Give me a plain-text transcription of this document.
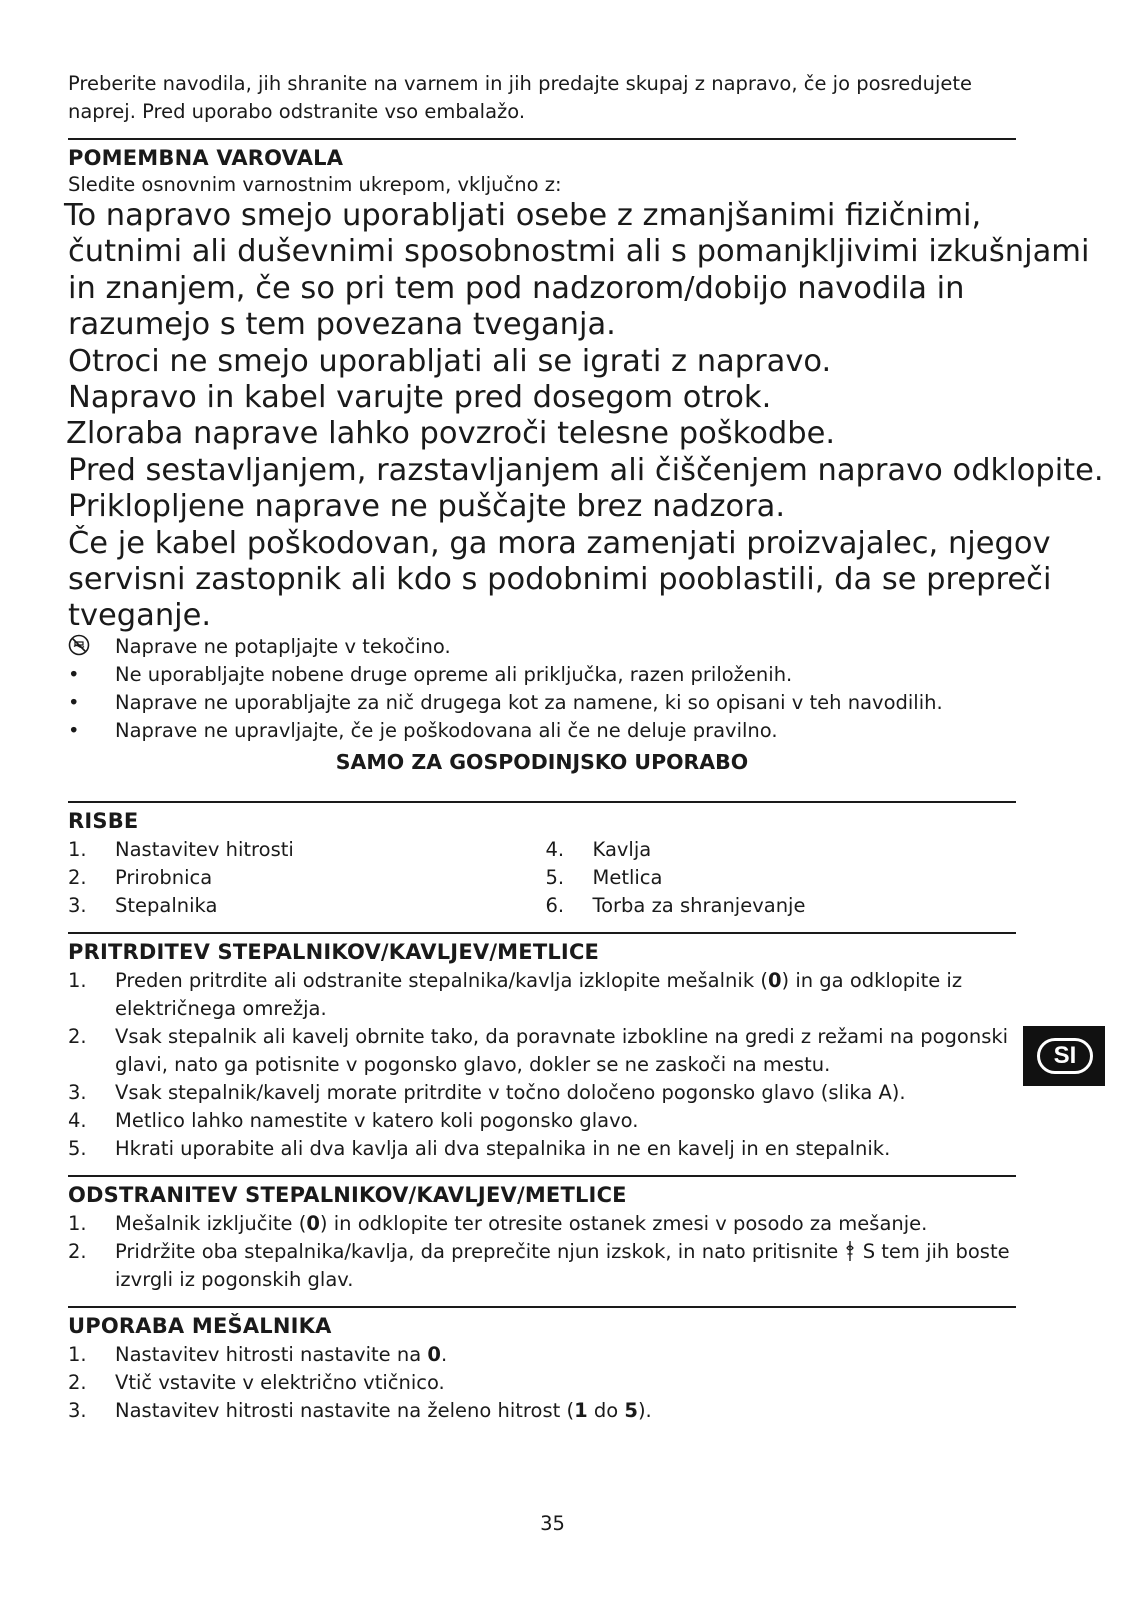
Preberite navodila, jih shranite na varnem in jih predajte skupaj z napravo, če jo posredujete
naprej. Pred uporabo odstranite vso embalažo.
POMEMBNA VAROVALA
Sledite osnovnim varnostnim ukrepom, vključno z:
To napravo smejo uporabljati osebe z zmanjšanimi fizičnimi,
čutnimi ali duševnimi sposobnostmi ali s pomanjkljivimi izkušnjami
in znanjem, če so pri tem pod nadzorom/dobijo navodila in
razumejo s tem povezana tveganja.
Otroci ne smejo uporabljati ali se igrati z napravo.
Napravo in kabel varujte pred dosegom otrok.
Zloraba naprave lahko povzroči telesne poškodbe.
Pred sestavljanjem, razstavljanjem ali čiščenjem napravo odklopite.
Priklopljene naprave ne puščajte brez nadzora.
Če je kabel poškodovan, ga mora zamenjati proizvajalec, njegov
servisni zastopnik ali kdo s podobnimi pooblastili, da se prepreči
tveganje.
Naprave ne potapljajte v tekočino.
•	Ne uporabljajte nobene druge opreme ali priključka, razen priloženih.
•	Naprave ne uporabljajte za nič drugega kot za namene, ki so opisani v teh navodilih.
•	Naprave ne upravljajte, če je poškodovana ali če ne deluje pravilno.
SAMO ZA GOSPODINJSKO UPORABO
RISBE
1.	Nastavitev hitrosti
2.	Prirobnica
3.	Stepalnika
4.	Kavlja
5.	Metlica
6.	Torba za shranjevanje
PRITRDITEV STEPALNIKOV/KAVLJEV/METLICE
1.	Preden pritrdite ali odstranite stepalnika/kavlja izklopite mešalnik (0) in ga odklopite iz električnega omrežja.
2.	Vsak stepalnik ali kavelj obrnite tako, da poravnate izbokline na gredi z režami na pogonski glavi, nato ga potisnite v pogonsko glavo, dokler se ne zaskoči na mestu.
3.	Vsak stepalnik/kavelj morate pritrdite v točno določeno pogonsko glavo (slika A).
4.	Metlico lahko namestite v katero koli pogonsko glavo.
5.	Hkrati uporabite ali dva kavlja ali dva stepalnika in ne en kavelj in en stepalnik.
ODSTRANITEV STEPALNIKOV/KAVLJEV/METLICE
1.	Mešalnik izključite (0) in odklopite ter otresite ostanek zmesi v posodo za mešanje.
2.	Pridržite oba stepalnika/kavlja, da preprečite njun izskok, in nato pritisnite S tem jih boste izvrgli iz pogonskih glav.
UPORABA MEŠALNIKA
1.	Nastavitev hitrosti nastavite na 0.
2.	Vtič vstavite v električno vtičnico.
3.	Nastavitev hitrosti nastavite na želeno hitrost (1 do 5).
SI
35
